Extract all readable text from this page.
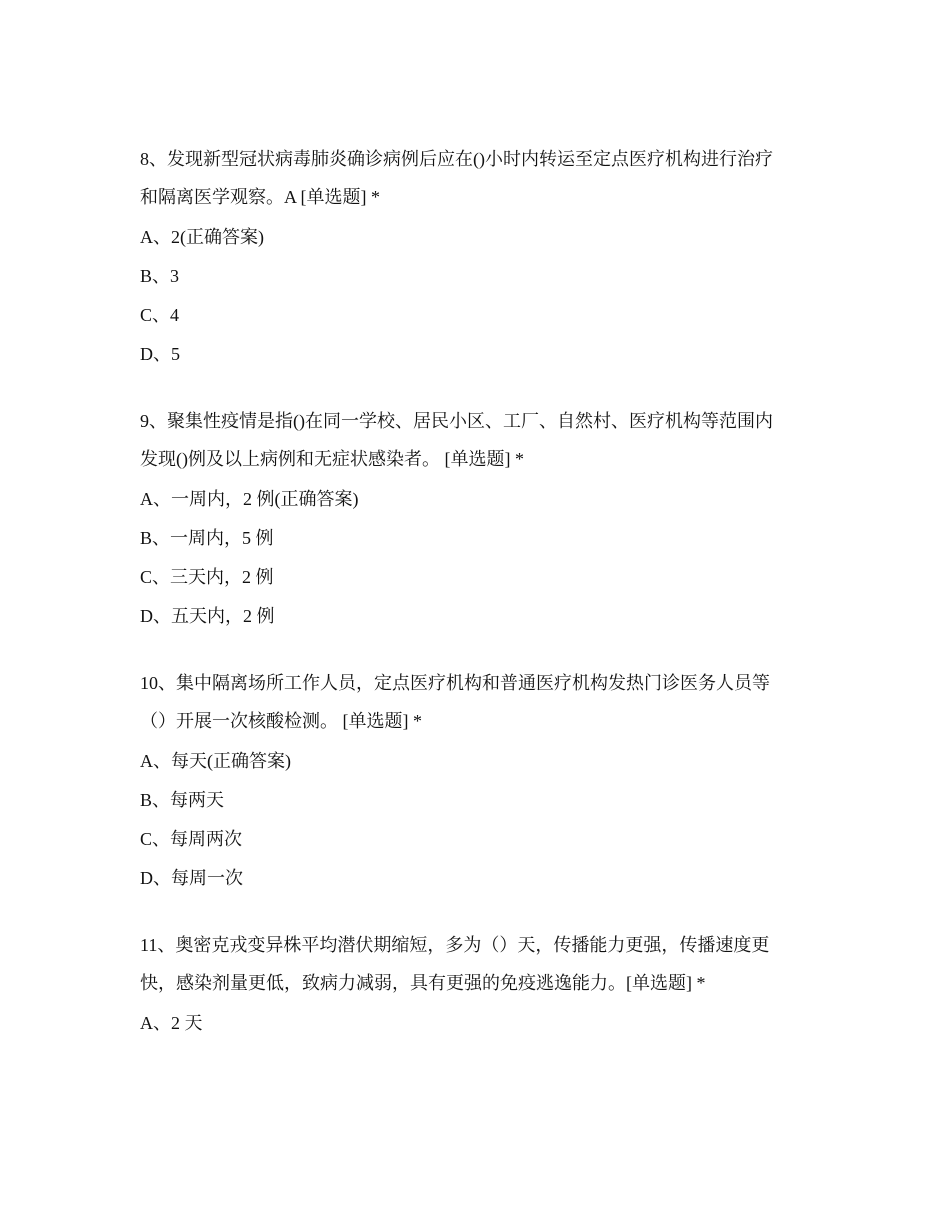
8、发现新型冠状病毒肺炎确诊病例后应在()小时内转运至定点医疗机构进行治疗
和隔离医学观察。A [单选题] *
A、2(正确答案)
B、3
C、4
D、5
9、聚集性疫情是指()在同一学校、居民小区、工厂、自然村、医疗机构等范围内
发现()例及以上病例和无症状感染者。 [单选题] *
A、一周内，2 例(正确答案)
B、一周内，5 例
C、三天内，2 例
D、五天内，2 例
10、集中隔离场所工作人员，定点医疗机构和普通医疗机构发热门诊医务人员等
（）开展一次核酸检测。 [单选题] *
A、每天(正确答案)
B、每两天
C、每周两次
D、每周一次
11、奥密克戎变异株平均潜伏期缩短，多为（）天，传播能力更强，传播速度更
快，感染剂量更低，致病力减弱，具有更强的免疫逃逸能力。[单选题] *
A、2 天
